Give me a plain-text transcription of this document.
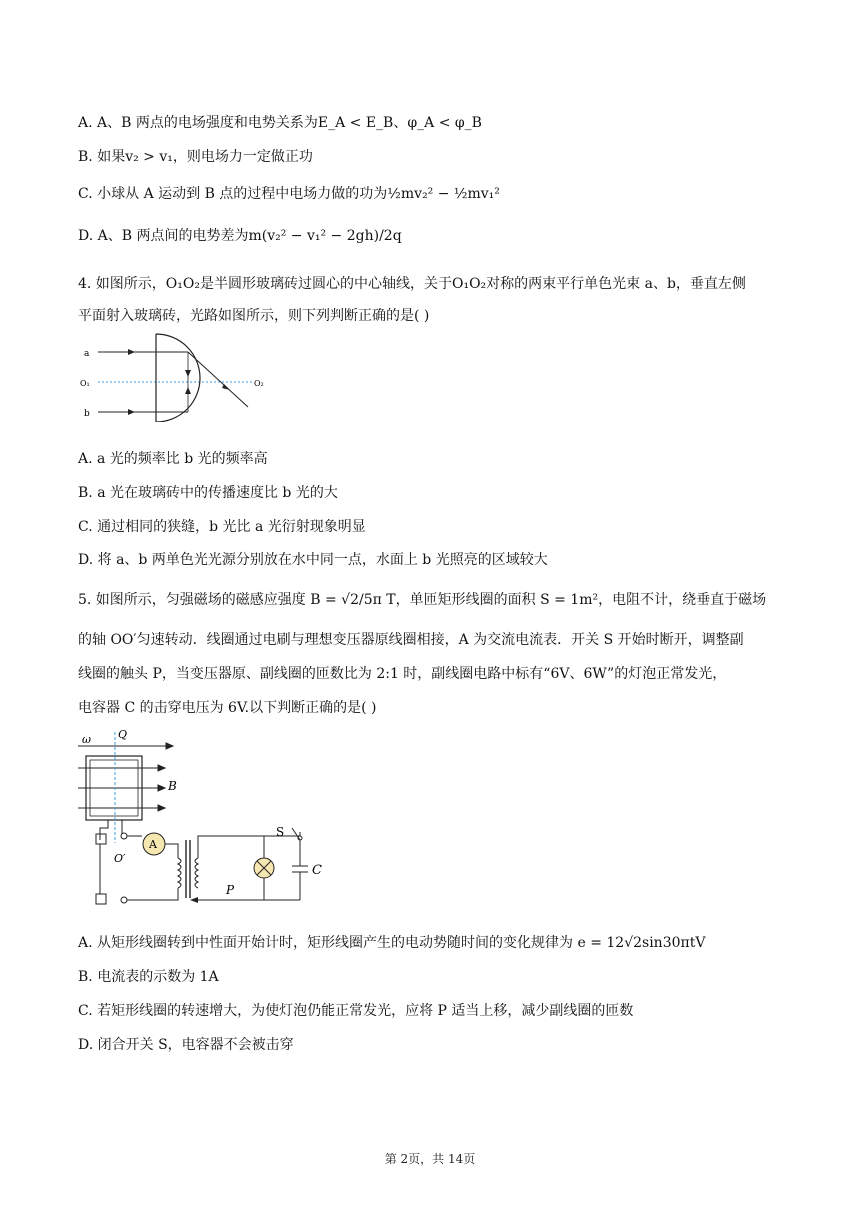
A. A、B 两点的电场强度和电势关系为E_A < E_B、φ_A < φ_B
B. 如果v₂ > v₁，则电场力一定做正功
C. 小球从 A 运动到 B 点的过程中电场力做的功为½mv₂² − ½mv₁²
D. A、B 两点间的电势差为m(v₂² − v₁² − 2gh)/2q
4. 如图所示，O₁O₂是半圆形玻璃砖过圆心的中心轴线，关于O₁O₂对称的两束平行单色光束 a、b，垂直左侧
平面射入玻璃砖，光路如图所示，则下列判断正确的是( )
a
O₁
b
O₂
A. a 光的频率比 b 光的频率高
B. a 光在玻璃砖中的传播速度比 b 光的大
C. 通过相同的狭缝，b 光比 a 光衍射现象明显
D. 将 a、b 两单色光光源分别放在水中同一点，水面上 b 光照亮的区域较大
5. 如图所示，匀强磁场的磁感应强度 B = √2/5π T，单匝矩形线圈的面积 S = 1m²，电阻不计，绕垂直于磁场
的轴 OO′匀速转动．线圈通过电刷与理想变压器原线圈相接，A 为交流电流表．开关 S 开始时断开，调整副
线圈的触头 P，当变压器原、副线圈的匝数比为 2:1 时，副线圈电路中标有“6V、6W”的灯泡正常发光，
电容器 C 的击穿电压为 6V.以下判断正确的是( )
ω Q
B
O′
A
S
C
P
A. 从矩形线圈转到中性面开始计时，矩形线圈产生的电动势随时间的变化规律为 e = 12√2sin30πtV
B. 电流表的示数为 1A
C. 若矩形线圈的转速增大，为使灯泡仍能正常发光，应将 P 适当上移，减少副线圈的匝数
D. 闭合开关 S，电容器不会被击穿
第 2页，共 14页
